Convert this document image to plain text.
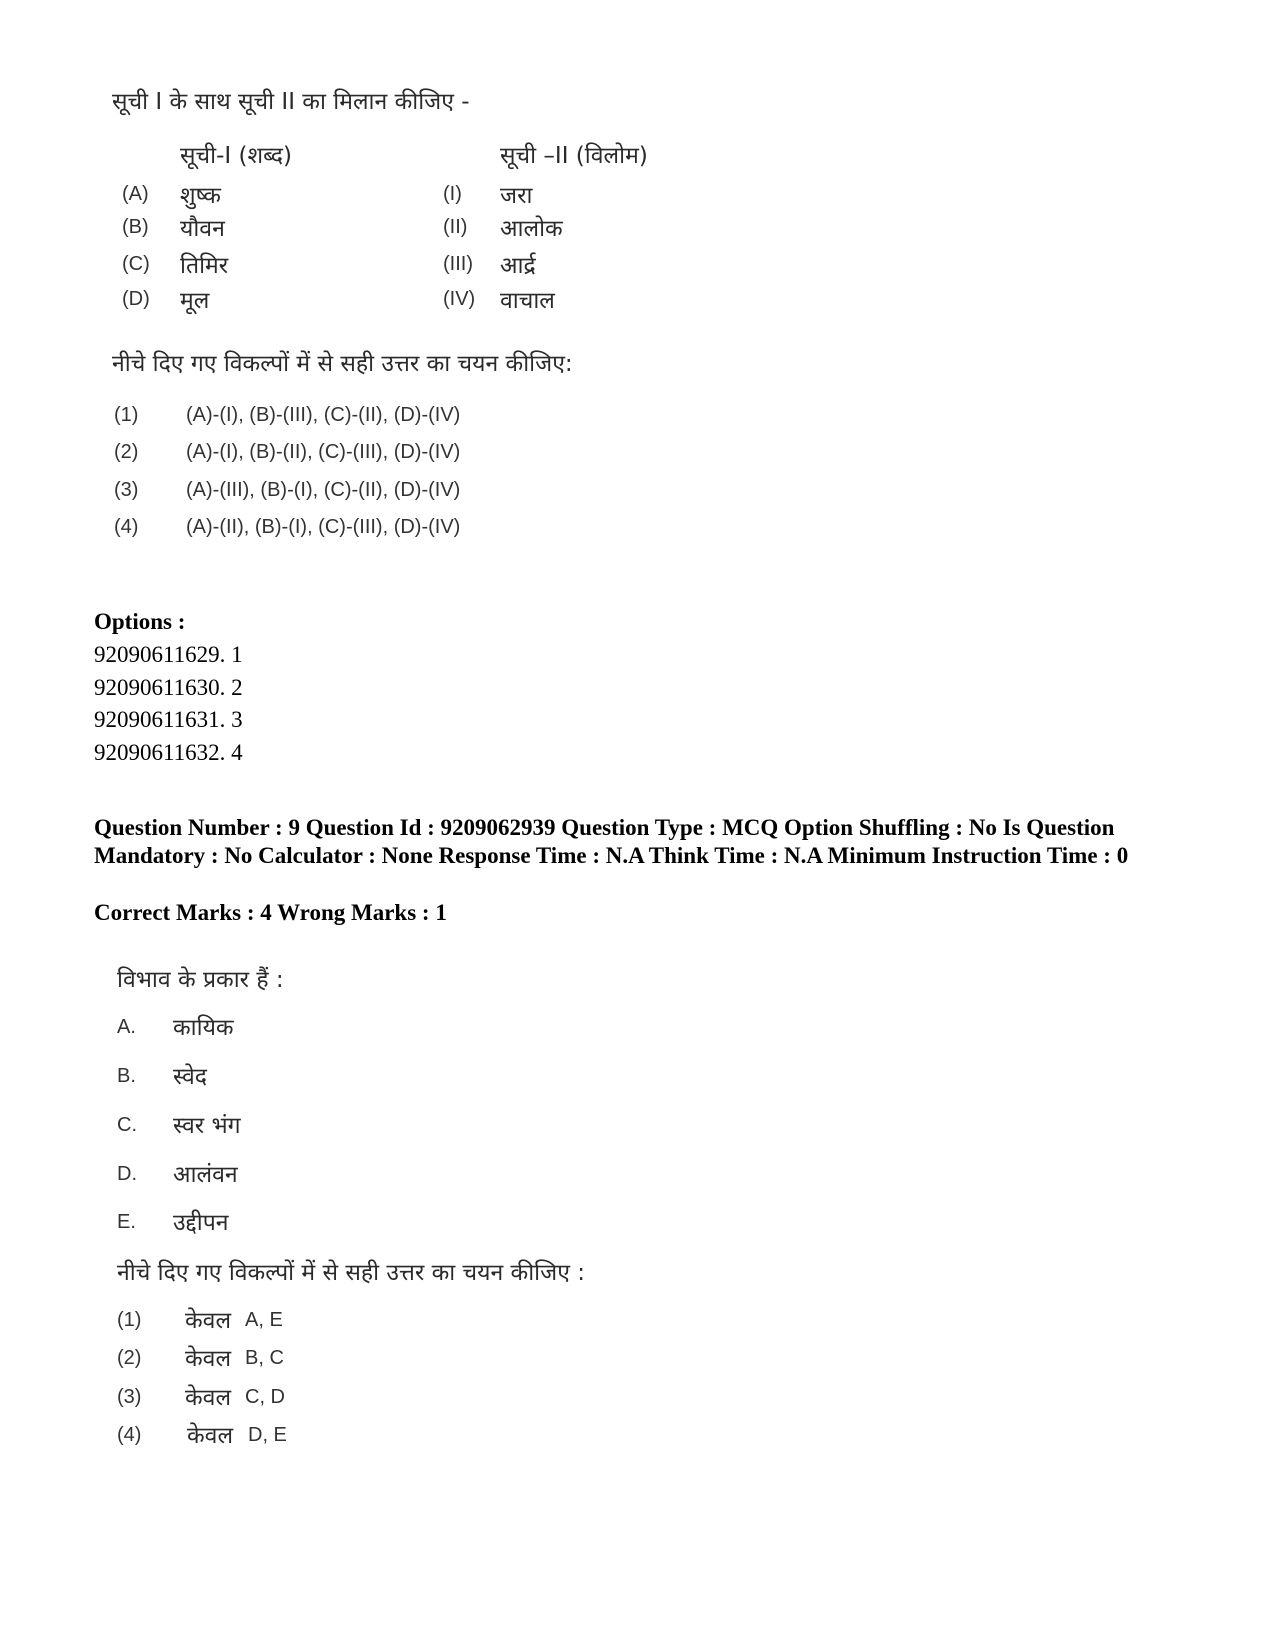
सूची I के साथ सूची II का मिलान कीजिए -
सूची-I (शब्द)	सूची –II (विलोम)
(A) शुष्क	(I) जरा
(B) यौवन	(II) आलोक
(C) तिमिर	(III) आर्द्र
(D) मूल	(IV) वाचाल
नीचे दिए गए विकल्पों में से सही उत्तर का चयन कीजिए:
(1) (A)-(I), (B)-(III), (C)-(II), (D)-(IV)
(2) (A)-(I), (B)-(II), (C)-(III), (D)-(IV)
(3) (A)-(III), (B)-(I), (C)-(II), (D)-(IV)
(4) (A)-(II), (B)-(I), (C)-(III), (D)-(IV)
Options :
92090611629. 1
92090611630. 2
92090611631. 3
92090611632. 4
Question Number : 9 Question Id : 9209062939 Question Type : MCQ Option Shuffling : No Is Question Mandatory : No Calculator : None Response Time : N.A Think Time : N.A Minimum Instruction Time : 0
Correct Marks : 4 Wrong Marks : 1
विभाव के प्रकार हैं :
A. कायिक
B. स्वेद
C. स्वर भंग
D. आलंवन
E. उद्दीपन
नीचे दिए गए विकल्पों में से सही उत्तर का चयन कीजिए :
(1) केवल A, E
(2) केवल B, C
(3) केवल C, D
(4) केवल D, E
